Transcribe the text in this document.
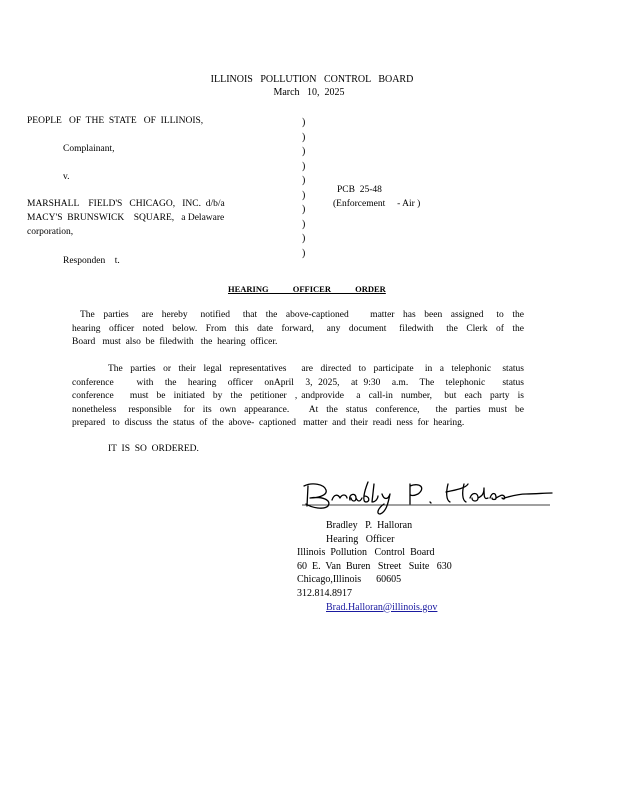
ILLINOIS   POLLUTION   CONTROL   BOARD
March   10,  2025
PEOPLE   OF  THE  STATE   OF  ILLINOIS,
Complainant,
v.
MARSHALL    FIELD'S   CHICAGO,   INC.  d/b/a
MACY'S  BRUNSWICK    SQUARE,   a Delaware
corporation,
Responden    t.
)
)
)
)
)
)
)
)
)
)
PCB  25-48
(Enforcement     - Air )
HEARING OFFICER ORDER
The  parties   are  hereby   notified   that  the  above-captioned     matter  has  been  assigned   to  the
hearing  officer  noted  below.  From  this  date  forward,   any  document   filedwith   the  Clerk  of  the
Board   must  also  be  filedwith   the  hearing  officer.
The  parties  or  their  legal  representatives    are  directed  to  participate   in  a  telephonic   status
conference    with  the  hearing  officer  onApril  3, 2025,  at 9:30  a.m.  The  telephonic   status
conference    must  be  initiated  by  the  petitioner  , andprovide   a  call-in  number,   but  each  party  is
nonetheless   responsible   for  its  own  appearance.     At  the  status  conference,    the  parties  must  be
prepared   to  discuss  the  status  of  the  above-  captioned   matter  and  their  readi  ness  for  hearing.
IT  IS  SO  ORDERED.
Bradley   P.  Halloran
Hearing   Officer
Illinois  Pollution   Control  Board
60  E.  Van  Buren   Street   Suite   630
Chicago,Illinois      60605
312.814.8917
Brad.Halloran@illinois.gov
